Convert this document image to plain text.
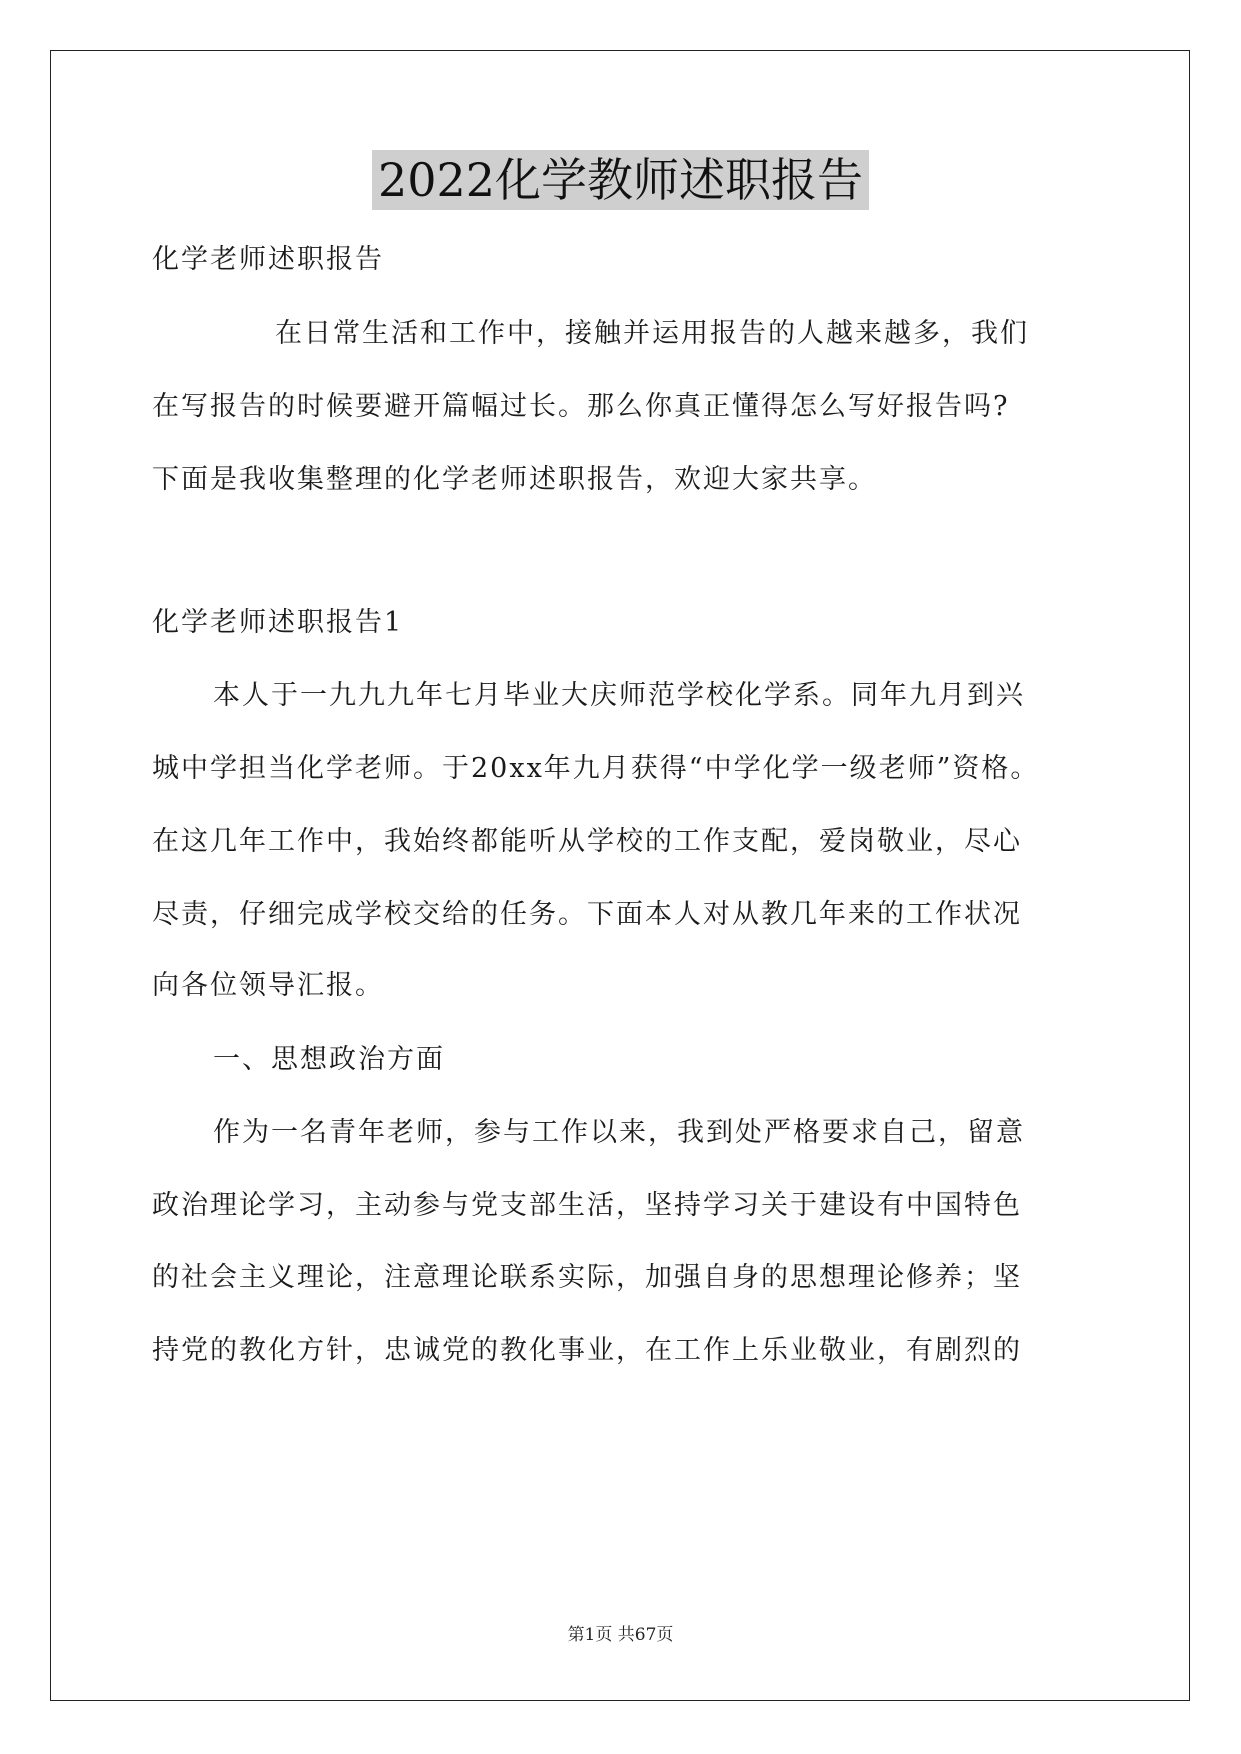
2022化学教师述职报告
化学老师述职报告
在日常生活和工作中，接触并运用报告的人越来越多，我们
在写报告的时候要避开篇幅过长。那么你真正懂得怎么写好报告吗?
下面是我收集整理的化学老师述职报告，欢迎大家共享。
化学老师述职报告1
本人于一九九九年七月毕业大庆师范学校化学系。同年九月到兴
城中学担当化学老师。于20xx年九月获得“中学化学一级老师”资格。
在这几年工作中，我始终都能听从学校的工作支配，爱岗敬业，尽心
尽责，仔细完成学校交给的任务。下面本人对从教几年来的工作状况
向各位领导汇报。
一、思想政治方面
作为一名青年老师，参与工作以来，我到处严格要求自己，留意
政治理论学习，主动参与党支部生活，坚持学习关于建设有中国特色
的社会主义理论，注意理论联系实际，加强自身的思想理论修养；坚
持党的教化方针，忠诚党的教化事业，在工作上乐业敬业，有剧烈的
第1页 共67页
